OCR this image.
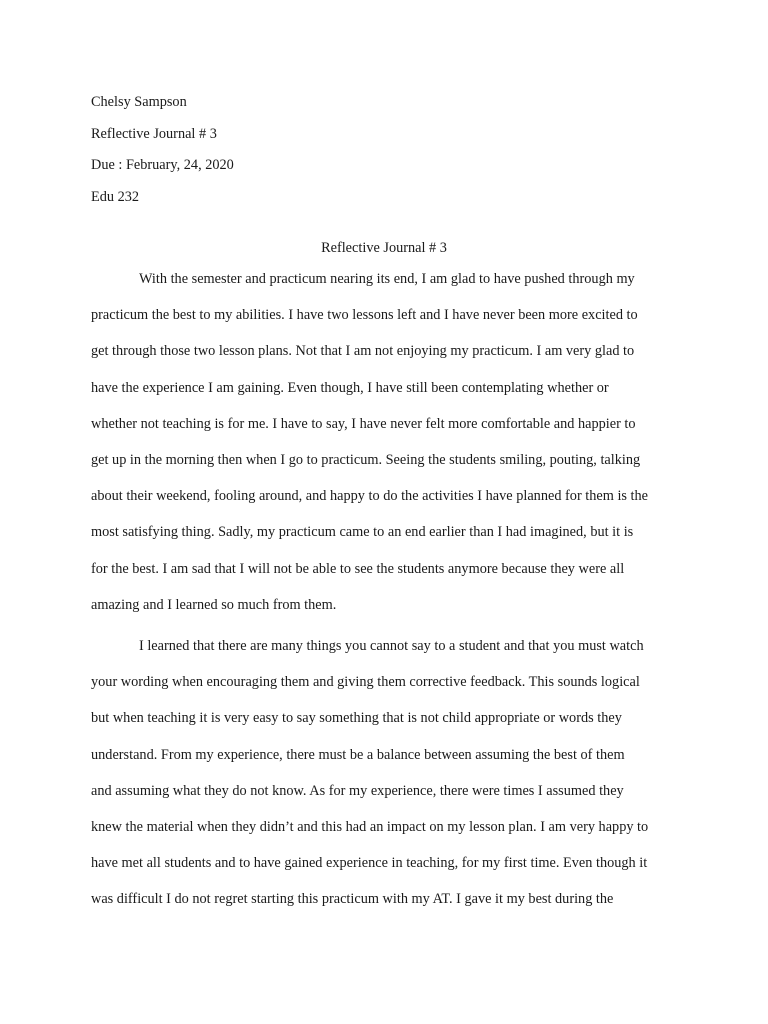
Chelsy Sampson
Reflective Journal # 3
Due : February, 24, 2020
Edu 232
Reflective Journal # 3
With the semester and practicum nearing its end, I am glad to have pushed through my
practicum the best to my abilities. I have two lessons left and I have never been more excited to
get through those two lesson plans. Not that I am not enjoying my practicum. I am very glad to
have the experience I am gaining. Even though, I have still been contemplating whether or
whether not teaching is for me. I have to say, I have never felt more comfortable and happier to
get up in the morning then when I go to practicum. Seeing the students smiling, pouting, talking
about their weekend, fooling around, and happy to do the activities I have planned for them is the
most satisfying thing. Sadly, my practicum came to an end earlier than I had imagined, but it is
for the best. I am sad that I will not be able to see the students anymore because they were all
amazing and I learned so much from them.
I learned that there are many things you cannot say to a student and that you must watch
your wording when encouraging them and giving them corrective feedback. This sounds logical
but when teaching it is very easy to say something that is not child appropriate or words they
understand. From my experience, there must be a balance between assuming the best of them
and assuming what they do not know. As for my experience, there were times I assumed they
knew the material when they didn’t and this had an impact on my lesson plan. I am very happy to
have met all students and to have gained experience in teaching, for my first time. Even though it
was difficult I do not regret starting this practicum with my AT. I gave it my best during the
